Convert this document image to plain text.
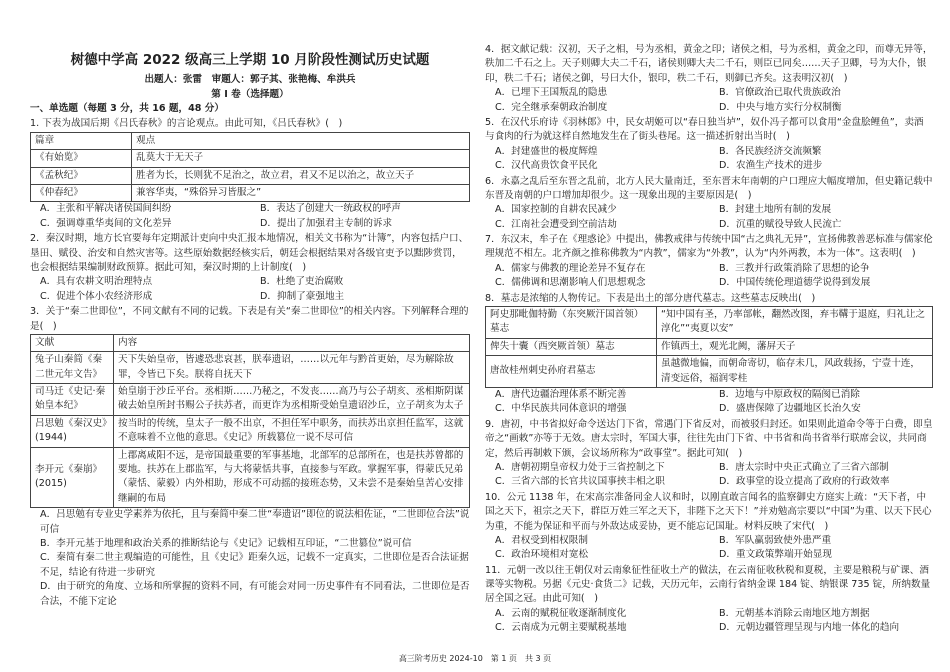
树德中学高 2022 级高三上学期 10 月阶段性测试历史试题

出题人：张雷　审题人：郭子其、张艳梅、牟洪兵

第 I 卷（选择题）

一、单选题（每题 3 分，共 16 题，48 分）

1. 下表为战国后期《吕氏春秋》的言论观点。由此可知，《吕氏春秋》(　)

篇章	观点
《有始览》	乱莫大于无天子
《孟秋纪》	胜者为长，长则犹不足治之，故立君，君又不足以治之，故立天子
《仲春纪》	兼容华夷，“殊俗异习皆服之”
A．主张和平解决诸侯国间纠纷	B．表达了创建大一统政权的呼声
C．强调尊重华夷间的文化差异	D．提出了加强君主专制的诉求

2．秦汉时期，地方长官要每年定期派计吏向中央汇报本地情况，相关文书称为“计簿”，内容包括户口、垦田、赋役、治安和自然灾害等。这些原始数据经核实后，朝廷会根据结果对各级官吏予以黜陟赏罚，也会根据结果编制财政预算。据此可知，秦汉时期的上计制度(　)

A．具有农耕文明治理特点	B．杜绝了吏治腐败
C．促进个体小农经济形成	D．抑制了豪强地主

3．关于“秦二世即位”，不同文献有不同的记载。下表是有关“秦二世即位”的相关内容。下列解释合理的是(　)

文献	内容
兔子山秦简《秦二世元年文告》	天下失始皇帝，皆遽恐悲哀甚，朕奉遗诏，……以元年与黔首更始，尽为解除故罪，令皆已下矣。朕将自抚天下
司马迁《史记·秦始皇本纪》	始皇崩于沙丘平台。丞相斯……乃秘之，不发丧……高乃与公子胡亥、丞相斯阴谋破去始皇所封书赐公子扶苏者，而更诈为丞相斯受始皇遗诏沙丘，立子胡亥为太子
吕思勉《秦汉史》(1944)	按当时的传统，皇太子一般不出京，不担任军中职务，而扶苏出京担任监军，这就不意味着不立他的意思。《史记》所载篡位一说不尽可信
李开元《秦崩》(2015)	上郡离咸阳不远，是帝国最重要的军事基地，北部军的总部所在，也是扶苏曾都的要地。扶苏在上郡监军，与大将蒙恬共事，直接参与军政。掌握军事，得蒙氏兄弟（蒙恬、蒙毅）内外相助，形成不可动摇的接班态势，又未尝不是秦始皇苦心安排继嗣的布局
A．吕思勉有专业史学素养为依托，且与秦简中秦二世“奉遗诏”即位的说法相佐证，“二世即位合法”说可信
B．李开元基于地理和政治关系的推断结论与《史记》记载相互印证，“二世篡位”说可信
C．秦简有秦二世主观编造的可能性，且《史记》距秦久远，记载不一定真实，二世即位是否合法证据不足，结论有待进一步研究
D．由于研究的角度、立场和所掌握的资料不同，有可能会对同一历史事件有不同看法，二世即位是否合法，不能下定论

4．据文献记载：汉初，天子之相，号为丞相，黄金之印；诸侯之相，号为丞相，黄金之印，而尊无异等，秩加二千石之上。天子则卿大夫二千石，诸侯则卿大夫二千石，则臣已同矣……天子卫卿，号为大仆，银印，秩二千石；诸侯之御，号曰大仆，银印，秩二千石，则御已齐矣。这表明汉初(　)

A．已埋下王国叛乱的隐患	B．官僚政治已取代贵族政治
C．完全继承秦朝政治制度	D．中央与地方实行分权制衡

5．在汉代乐府诗《羽林郎》中，民女胡姬可以“春日独当垆”，奴仆冯子都可以食用“金盘脍鲤鱼”，卖酒与食肉的行为就这样自然地发生在了街头巷尾。这一描述折射出当时(　)

A．封建盛世的极度辉煌	B．各民族经济交流频繁
C．汉代高贵饮食平民化	D．农渔生产技术的进步

6．永嘉之乱后至东晋之乱前，北方人民大量南迁，至东晋末年南朝的户口理应大幅度增加，但史籍记载中东晋及南朝的户口增加却很少。这一现象出现的主要原因是(　)

A．国家控制的自耕农民减少	B．封建土地所有制的发展
C．江南社会遭受到空前洁劫	D．沉重的赋役导致人民流亡

7．东汉末，牟子在《理惑论》中提出，佛教戒律与传统中国“古之典礼无异”，宣扬佛教善恶标准与儒家伦理规范不相左。北齐颜之推称佛教为“内教”，儒家为“外教”，认为“内外两教，本为一体”。这表明(　)

A．儒家与佛教的理论差异不复存在	B．三教并行政策消除了思想的论争
C．儒佛调和思潮影响人们思想观念	D．中国传统伦理道德学说得到发展

8．墓志是浓缩的人物传记。下表是出土的部分唐代墓志。这些墓志反映出(　)

阿史那毗伽特勤（东突厥汗国首领）墓志	“知中国有圣，乃率部帐，翻然改图，弃韦鞲于退庭，归礼让之淳化”“夷夏以安”
俾失十囊（西突厥首领）墓志	作镇西土，观光北阙，藩屏天子
唐故桂州刺史孙府君墓志	虽越微地偏，而朝命寄切，临存未几，风政载扬，宁壹十连，清变远俗，福润零桂
A．唐代边疆治理体系不断完善	B．边地与中原政权的隔阂已消除
C．中华民族共同体意识的增强	D．盛唐保障了边疆地区长治久安

9．唐初，中书省拟好命令送达门下省，常遇门下省反对，而被驳归封还。如果则此道命令等于白费，即皇帝之“画敕”亦等于无效。唐太宗时，军国大事，往往先由门下省、中书省和尚书省举行联席会议，共同商定，然后再制敕下颁，会议场所称为“政事堂”。据此可知(　)

A．唐朝初期皇帝权力处于三省控制之下	B．唐太宗时中央正式确立了三省六部制
C．三省六部的长官共议国事挟丰相之职	D．政事堂的设立提高了政府的行政效率

10．公元 1138 年，在宋高宗准备同金人议和时，以刚直敢言闻名的监察御史方庭实上疏：“天下者，中国之天下，祖宗之天下，群臣万姓三军之天下，非陛下之天下！”并劝勉高宗要以“中国”为重、以天下民心为重，不能为保证和平而与外敌达成妥协，更不能忘记国耻。材料反映了宋代(　)

A．君权受到相权限制	B．军队赢弱致使外患严重
C．政治环境相对宽松	D．重文政策弊端开始显现

11．元朝一改以往王朝仅对云南象征性征收土产的做法，在云南征收秋税和夏税，主要是粮税与矿课、酒课等实物税。另据《元史·食货二》记载，天历元年，云南行省纳金课 184 锭、纳银课 735 锭，所纳数量居全国之冠。由此可知(　)

A．云南的赋税征收逐渐制度化	B．元朝基本消除云南地区地方割据
C．云南成为元朝主要赋税基地	D．元朝边疆管理呈现与内地一体化的趋向
高三阶考历史 2024-10　第 1 页　共 3 页
